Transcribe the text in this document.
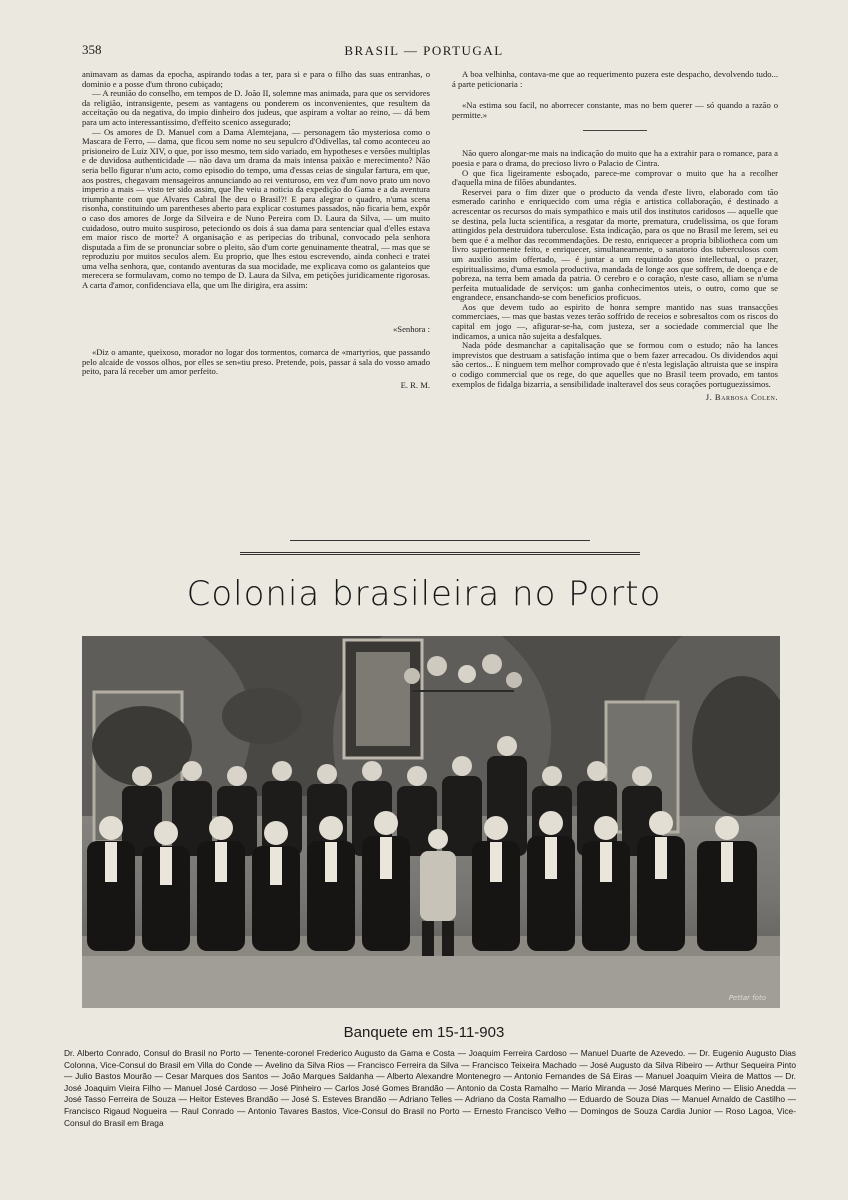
358	BRASIL — PORTUGAL

animavam as damas da epocha, aspirando todas a ter, para si e para o filho das suas entranhas, o dominio e a posse d'um throno cubiçado;

— A reunião do conselho, em tempos de D. João II, solemne mas animada, para que os servidores da religião, intransigente, pesem as vantagens ou ponderem os inconvenientes, que resultem da acceitação ou da negativa, do impio dinheiro dos judeus, que aspiram a voltar ao reino, — dá bem para um acto interessantissimo, d'effeito scenico assegurado;

— Os amores de D. Manuel com a Dama Alemtejana, — personagem tão mysteriosa como o Mascara de Ferro, — dama, que ficou sem nome no seu sepulcro d'Odivellas, tal como aconteceu ao prisioneiro de Luiz XIV, o que, por isso mesmo, tem sido variado, em hypotheses e versões multiplas e de duvidosa authenticidade — não dava um drama da mais intensa paixão e merecimento? Não seria bello figurar n'um acto, como episodio do tempo, uma d'essas ceias de singular fartura, em que, aos postres, chegavam mensageiros annunciando ao rei venturoso, em vez d'um novo prato um novo imperio a mais — visto ter sido assim, que lhe veiu a noticia da expedição do Gama e a da aventura triumphante com que Alvares Cabral lhe deu o Brasil?! E para alegrar o quadro, n'uma scena risonha, constituindo um parentheses aberto para explicar costumes passados, não ficaria bem, expôr o caso dos amores de Jorge da Silveira e de Nuno Pereira com D. Laura da Silva, — um muito cuidadoso, outro muito suspiroso, peteciondo os dois á sua dama para sentenciar qual d'elles estava em maior risco de morte? A organisação e as peripecias do tribunal, convocado pela senhora disputada a fim de se pronunciar sobre o pleito, são d'um corte genuinamente theatral, — mas que se reproduziu por muitos seculos alem. Eu proprio, que lhes estou escrevendo, ainda conheci e tratei uma velha senhora, que, contando aventuras da sua mocidade, me explicava como os galanteios que merecera se formulavam, como no tempo de D. Laura da Silva, em petições juridicamente rigorosas. A carta d'amor, confidenciava ella, que um lhe dirigira, era assim:

«Senhora :

«Diz o amante, queixoso, morador no logar dos tormentos, comarca de «martyrios, que passando pelo alcaide de vossos olhos, por elles se sen«tiu preso. Pretende, pois, passar á sala do vosso amado peito, para lá receber um amor perfeito.

E. R. M.

A boa velhinha, contava-me que ao requerimento puzera este despacho, devolvendo tudo... á parte peticionaria :

«Na estima sou facil, no aborrecer constante, mas no bem querer — só quando a razão o permitte.»

Não quero alongar-me mais na indicação do muito que ha a extrahir para o romance, para a poesia e para o drama, do precioso livro o Palacio de Cintra.

O que fica ligeiramente esboçado, parece-me comprovar o muito que ha a recolher d'aquella mina de filões abundantes.

Reservei para o fim dizer que o producto da venda d'este livro, elaborado com tão esmerado carinho e enriquecido com uma régia e artistica collaboração, é destinado a acrescentar os recursos do mais sympathico e mais util dos institutos caridosos — aquelle que se destina, pela lucta scientifica, a resgatar da morte, prematura, crudelissima, os que foram attingidos pela destruidora tuberculose. Esta indicação, para os que no Brasil me lerem, sei eu bem que é a melhor das recommendações. De resto, enriquecer a propria bibliotheca com um livro superiormente feito, e enriquecer, simultaneamente, o sanatorio dos tuberculosos com um auxilio assim offertado, — é juntar a um requintado goso intellectual, o prazer, espiritualissimo, d'uma esmola productiva, mandada de longe aos que soffrem, de doença e de pobreza, na terra bem amada da patria. O cerebro e o coração, n'este caso, alliam se n'uma perfeita mutualidade de serviços: um ganha conhecimentos uteis, o outro, como que se engrandece, ensanchando-se com beneficios proficuos.

Aos que devem tudo ao espirito de honra sempre mantido nas suas transacções commerciaes, — mas que bastas vezes terão soffrido de receios e sobresaltos com os riscos do capital em jogo —, afigurar-se-ha, com justeza, ser a sociedade commercial que lhe indicamos, a unica não sujeita a desfalques.

Nada póde desmanchar a capitalisação que se formou com o estudo; não ha lances imprevistos que destruam a satisfação intima que o bem fazer arrecadou. Os dividendos aqui são certos... E ninguem tem melhor comprovado que é n'esta legislação altruista que se inspira o codigo commercial que os rege, do que aquelles que no Brasil teem provado, em tantos exemplos de fidalga bizarria, a sensibilidade inalteravel dos seus corações portuguezissimos.

J. Barbosa Colen.

Colonia brasileira no Porto
Pettar foto
Banquete em 15-11-903
Dr. Alberto Conrado, Consul do Brasil no Porto — Tenente-coronel Frederico Augusto da Gama e Costa — Joaquim Ferreira Cardoso — Manuel Duarte de Azevedo. — Dr. Eugenio Augusto Dias Colonna, Vice-Consul do Brasil em Villa do Conde — Avelino da Silva Rios — Francisco Ferreira da Silva — Francisco Teixeira Machado — José Augusto da Silva Ribeiro — Arthur Sequeira Pinto — Julio Bastos Mourão — Cesar Marques dos Santos — João Marques Saldanha — Alberto Alexandre Montenegro — Antonio Fernandes de Sá Eiras — Manuel Joaquim Vieira de Mattos — Dr. José Joaquim Vieira Filho — Manuel José Cardoso — José Pinheiro — Carlos José Gomes Brandão — Antonio da Costa Ramalho — Mario Miranda — José Marques Merino — Elisio Anedda — José Tasso Ferreira de Souza — Heitor Esteves Brandão — José S. Esteves Brandão — Adriano Telles — Adriano da Costa Ramalho — Eduardo de Souza Dias — Manuel Arnaldo de Castilho — Francisco Rigaud Nogueira — Raul Conrado — Antonio Tavares Bastos, Vice-Consul do Brasil no Porto — Ernesto Francisco Velho — Domingos de Souza Cardia Junior — Roso Lagoa, Vice-Consul do Brasil em Braga
